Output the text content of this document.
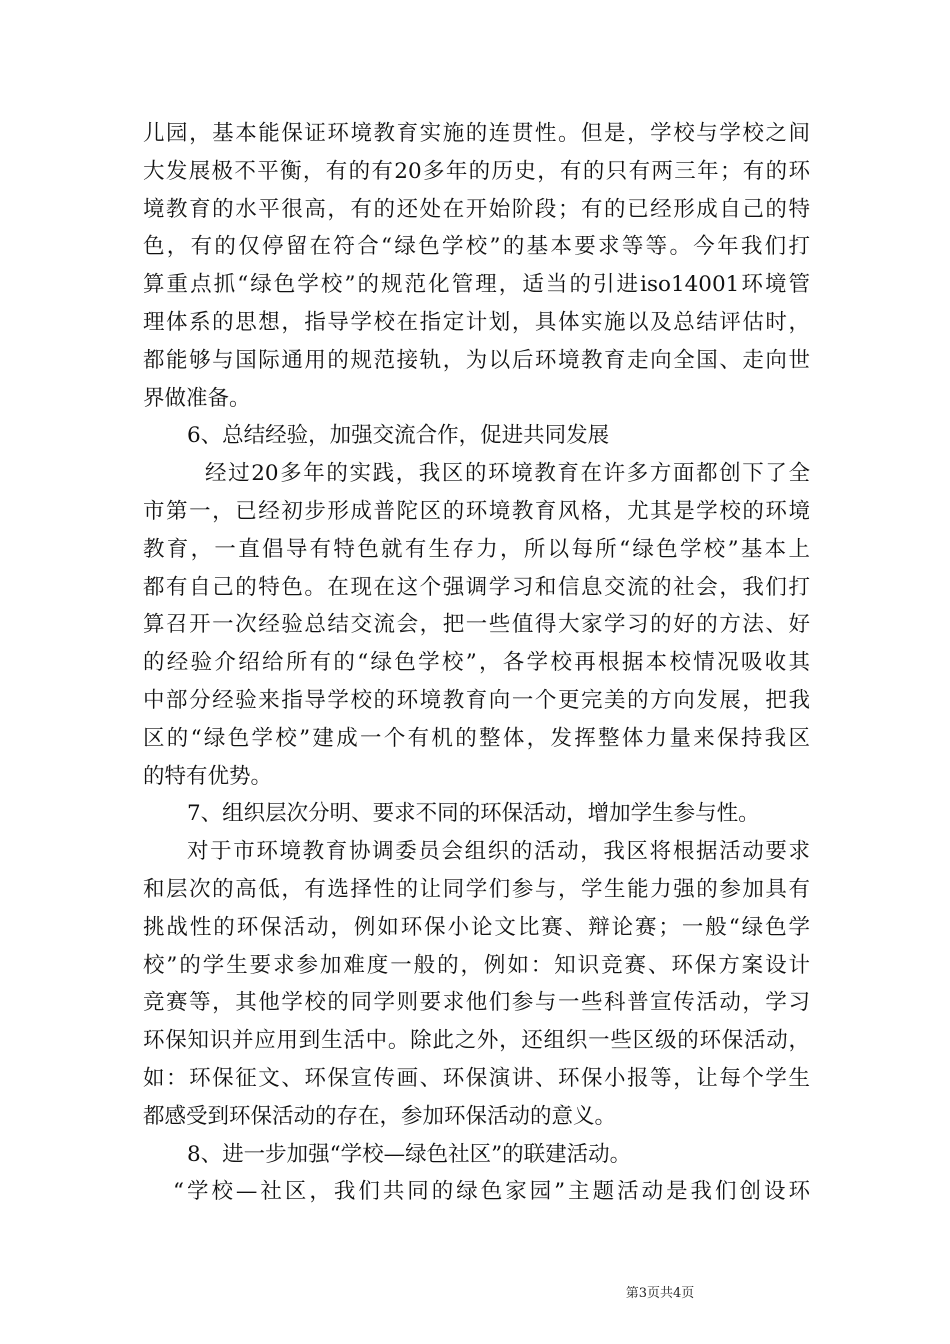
儿园，基本能保证环境教育实施的连贯性。但是，学校与学校之间
大发展极不平衡，有的有20多年的历史，有的只有两三年；有的环
境教育的水平很高，有的还处在开始阶段；有的已经形成自己的特
色，有的仅停留在符合“绿色学校”的基本要求等等。今年我们打
算重点抓“绿色学校”的规范化管理，适当的引进iso14001环境管
理体系的思想，指导学校在指定计划，具体实施以及总结评估时，
都能够与国际通用的规范接轨，为以后环境教育走向全国、走向世
界做准备。
6、总结经验，加强交流合作，促进共同发展
经过20多年的实践，我区的环境教育在许多方面都创下了全
市第一，已经初步形成普陀区的环境教育风格，尤其是学校的环境
教育，一直倡导有特色就有生存力，所以每所“绿色学校”基本上
都有自己的特色。在现在这个强调学习和信息交流的社会，我们打
算召开一次经验总结交流会，把一些值得大家学习的好的方法、好
的经验介绍给所有的“绿色学校”，各学校再根据本校情况吸收其
中部分经验来指导学校的环境教育向一个更完美的方向发展，把我
区的“绿色学校”建成一个有机的整体，发挥整体力量来保持我区
的特有优势。
7、组织层次分明、要求不同的环保活动，增加学生参与性。
对于市环境教育协调委员会组织的活动，我区将根据活动要求
和层次的高低，有选择性的让同学们参与，学生能力强的参加具有
挑战性的环保活动，例如环保小论文比赛、辩论赛；一般“绿色学
校”的学生要求参加难度一般的，例如：知识竞赛、环保方案设计
竞赛等，其他学校的同学则要求他们参与一些科普宣传活动，学习
环保知识并应用到生活中。除此之外，还组织一些区级的环保活动，
如：环保征文、环保宣传画、环保演讲、环保小报等，让每个学生
都感受到环保活动的存在，参加环保活动的意义。
8、进一步加强“学校—绿色社区”的联建活动。
“学校—社区，我们共同的绿色家园”主题活动是我们创设环
第3页共4页
